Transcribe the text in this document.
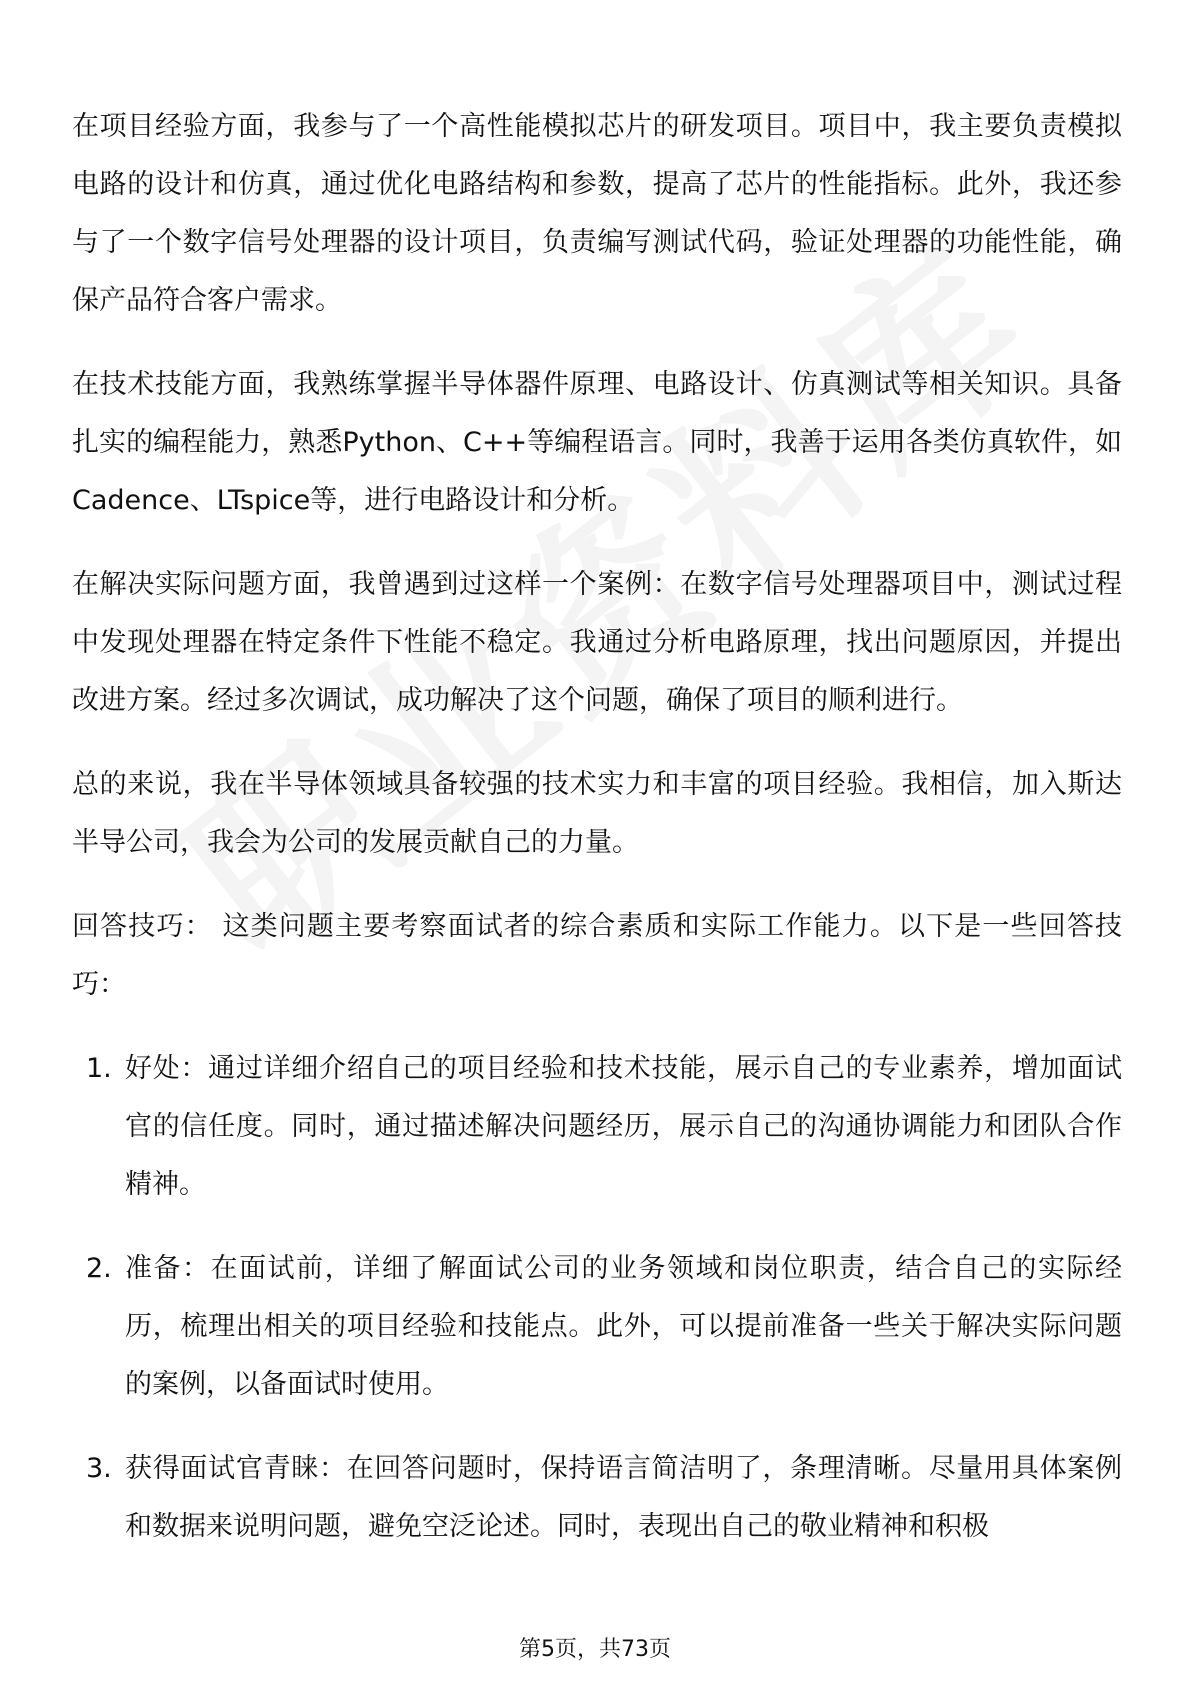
在项目经验方面，我参与了一个高性能模拟芯片的研发项目。项目中，我主要负责模拟电路的设计和仿真，通过优化电路结构和参数，提高了芯片的性能指标。此外，我还参与了一个数字信号处理器的设计项目，负责编写测试代码，验证处理器的功能性能，确保产品符合客户需求。

在技术技能方面，我熟练掌握半导体器件原理、电路设计、仿真测试等相关知识。具备扎实的编程能力，熟悉Python、C++等编程语言。同时，我善于运用各类仿真软件，如Cadence、LTspice等，进行电路设计和分析。

在解决实际问题方面，我曾遇到过这样一个案例：在数字信号处理器项目中，测试过程中发现处理器在特定条件下性能不稳定。我通过分析电路原理，找出问题原因，并提出改进方案。经过多次调试，成功解决了这个问题，确保了项目的顺利进行。

总的来说，我在半导体领域具备较强的技术实力和丰富的项目经验。我相信，加入斯达半导公司，我会为公司的发展贡献自己的力量。

回答技巧： 这类问题主要考察面试者的综合素质和实际工作能力。以下是一些回答技巧：

1. 好处：通过详细介绍自己的项目经验和技术技能，展示自己的专业素养，增加面试官的信任度。同时，通过描述解决问题经历，展示自己的沟通协调能力和团队合作精神。
2. 准备：在面试前，详细了解面试公司的业务领域和岗位职责，结合自己的实际经历，梳理出相关的项目经验和技能点。此外，可以提前准备一些关于解决实际问题的案例，以备面试时使用。
3. 获得面试官青睐：在回答问题时，保持语言简洁明了，条理清晰。尽量用具体案例和数据来说明问题，避免空泛论述。同时，表现出自己的敬业精神和积极
第5页，共73页
